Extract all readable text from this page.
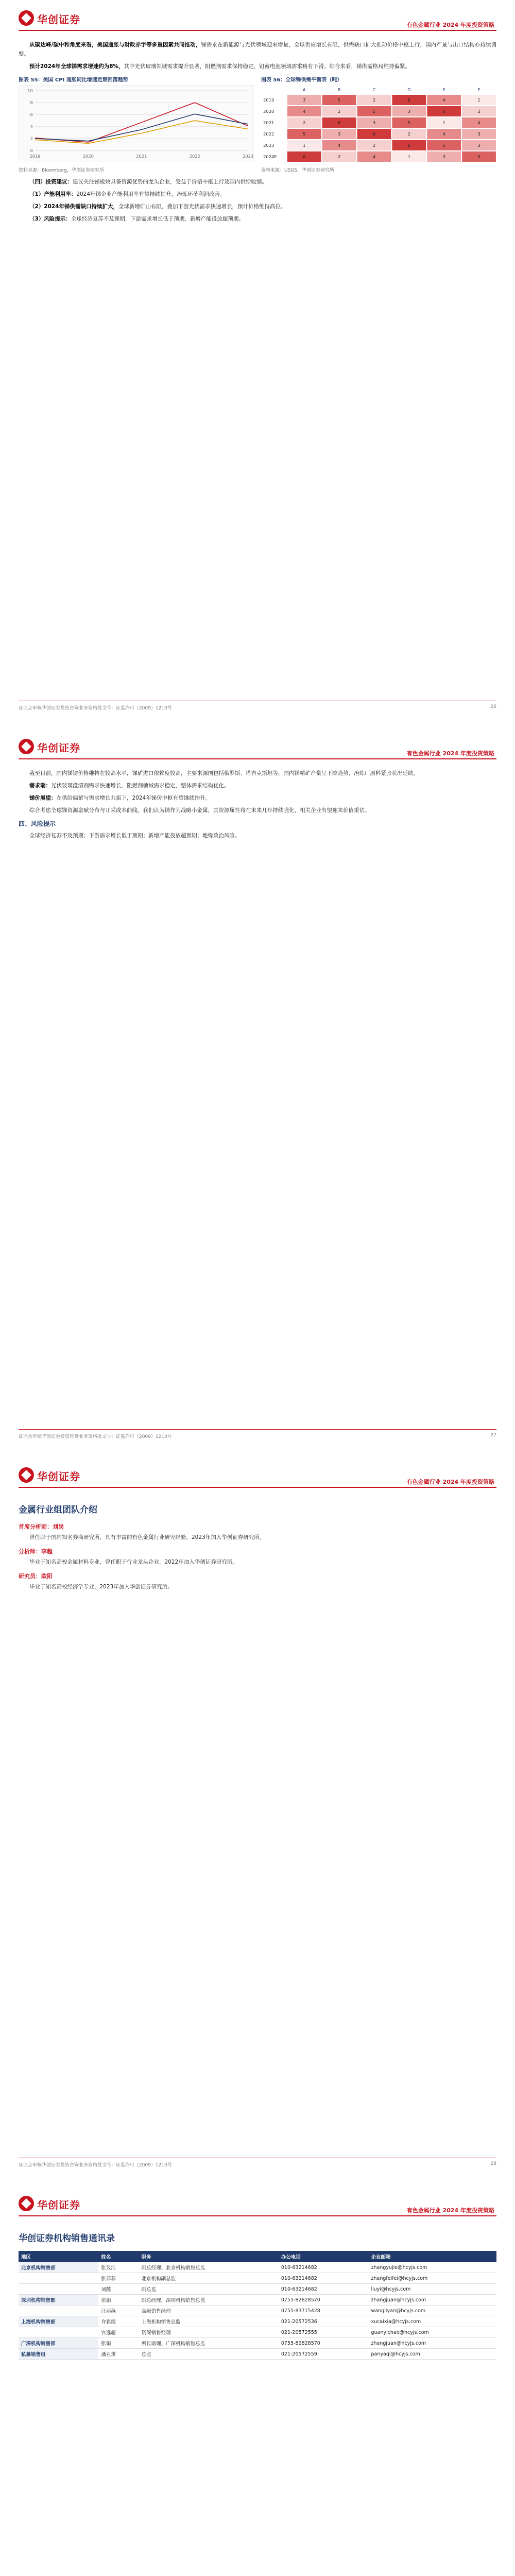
华创证券	有色金属行业 2024 年度投资策略

从碳达峰/碳中和角度来看，美国通胀与财政赤字等多重因素共同推动，锑需求在新能源与光伏领域迎来增量，全球供应增长有限，供需缺口扩大推动价格中枢上行，国内产量与出口结构亦持续调整。

预计2024年全球锑需求增速约为8%，其中光伏玻璃领域需求提升显著，阻燃剂需求保持稳定，铅蓄电池领域需求略有下滑。综合来看，锑供需格局维持偏紧。

图表 55：美国 CPI 通胀同比增速近期回落趋势
0
2
4
6
8
10
2019	2020	2021	2022	2023
资料来源：Bloomberg，华创证券研究所
图表 56：全球锑供需平衡表（吨）
A	B	C	D	E	F
2019	3	5	2	6	4	1
2020	4	2	5	3	6	2
2021	2	6	3	5	1	4
2022	5	3	6	2	4	3
2023	1	4	2	6	5	3
2024E	6	2	4	1	3	5
资料来源：USGS，华创证券研究所

（四）投资建议：建议关注锑板块具备资源优势的龙头企业，受益于价格中枢上行及国内供给收缩。

（1）产能利用率：2024年锑企业产能利用率有望持续提升，冶炼环节利润改善。

（2）2024年锑供需缺口持续扩大，全球新增矿山有限，叠加下游光伏需求快速增长，预计价格维持高位。

（3）风险提示：全球经济复苏不及预期，下游需求增长低于预期，新增产能投放超预期。

证监会审核华创证券投资咨询业务资格批文号：证监许可（2009）1210号	26
华创证券	有色金属行业 2024 年度投资策略

截至目前，国内锑锭价格维持在较高水平，锑矿进口依赖度较高，主要来源国包括俄罗斯、塔吉克斯坦等，国内锑精矿产量呈下降趋势，冶炼厂原料紧张状况延续。

需求端：光伏玻璃澄清剂需求快速增长，阻燃剂领域需求稳定，整体需求结构优化。

锑价展望：在供给偏紧与需求增长共振下，2024年锑价中枢有望继续抬升。

综合考虑全球锑资源禀赋分布与开采成本曲线，我们认为锑作为战略小金属，其资源属性将在未来几年持续强化，相关企业有望迎来价值重估。

四、风险提示

全球经济复苏不及预期；下游需求增长低于预期；新增产能投放超预期；地缘政治风险。

证监会审核华创证券投资咨询业务资格批文号：证监许可（2009）1210号	27
华创证券	有色金属行业 2024 年度投资策略
金属行业组团队介绍
首席分析师：刘岗

曾任职于国内知名券商研究所，具有丰富的有色金属行业研究经验，2023年加入华创证券研究所。

分析师：李超

毕业于知名高校金属材料专业，曾任职于行业龙头企业，2022年加入华创证券研究所。

研究员：欧阳

毕业于知名高校经济学专业，2023年加入华创证券研究所。

证监会审核华创证券投资咨询业务资格批文号：证监许可（2009）1210号	28
华创证券	有色金属行业 2024 年度投资策略
华创证券机构销售通讯录
地区	姓名	职务	办公电话	企业邮箱
北京机构销售部	张昱洁	副总经理、北京机构销售总监	010-63214682	zhangyujie@hcyjs.com
	张菲菲	北京机构副总监	010-63214682	zhangfeifei@hcyjs.com
	刘懿	副总监	010-63214682	liuyi@hcyjs.com
深圳机构销售部	张娟	副总经理、深圳机构销售总监	0755-82828570	zhangjuan@hcyjs.com
	汪丽燕	高级销售经理	0755-83715428	wangliyan@hcyjs.com
上海机构销售部	许彩霞	上海机构销售总监	021-20572536	xucaixia@hcyjs.com
	官逸超	资深销售经理	021-20572555	guanyichao@hcyjs.com
广深机构销售部	张娟	所长助理、广深机构销售总监	0755-82828570	zhangjuan@hcyjs.com
私募销售组	潘亚琪	总监	021-20572559	panyaqi@hcyjs.com
